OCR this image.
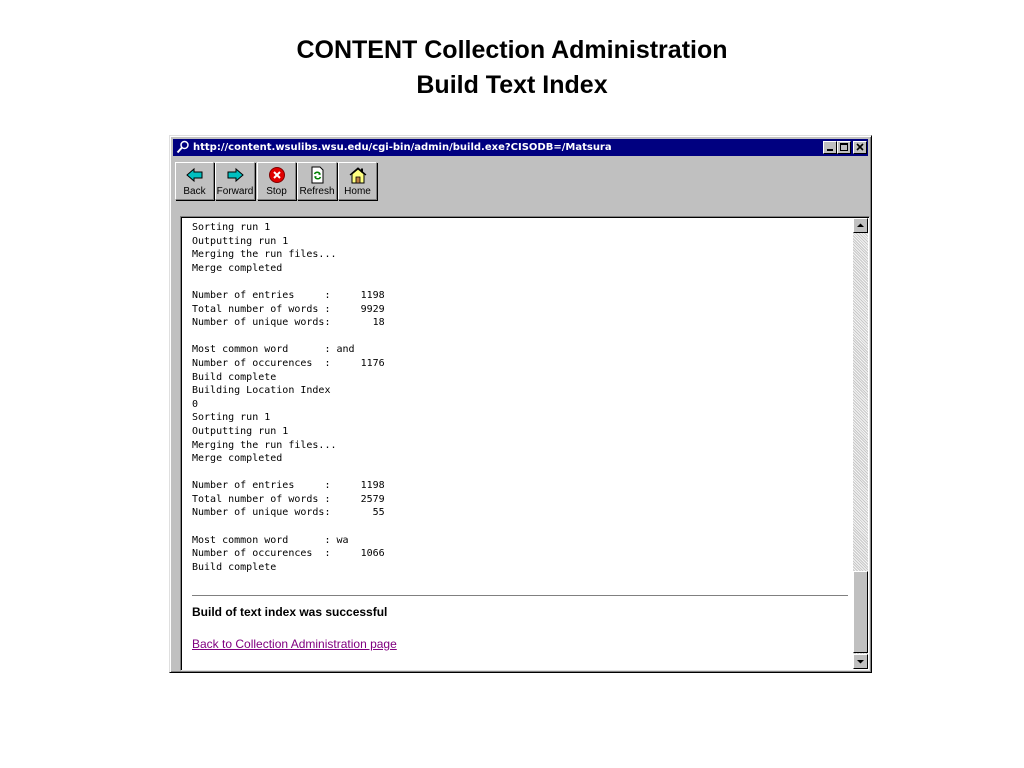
CONTENT Collection Administration
Build Text Index
http://content.wsulibs.wsu.edu/cgi-bin/admin/build.exe?CISODB=/Matsura
Back	Forward	Stop	Refresh Home
Sorting run 1
Outputting run 1
Merging the run files...
Merge completed
Number of entries     :     1198
Total number of words :     9929
Number of unique words:       18
Most common word      : and
Number of occurences  :     1176
Build complete
Building Location Index
0
Sorting run 1
Outputting run 1
Merging the run files...
Merge completed
Number of entries     :     1198
Total number of words :     2579
Number of unique words:       55
Most common word      : wa
Number of occurences  :     1066
Build complete
Build of text index was successful
Back to Collection Administration page
